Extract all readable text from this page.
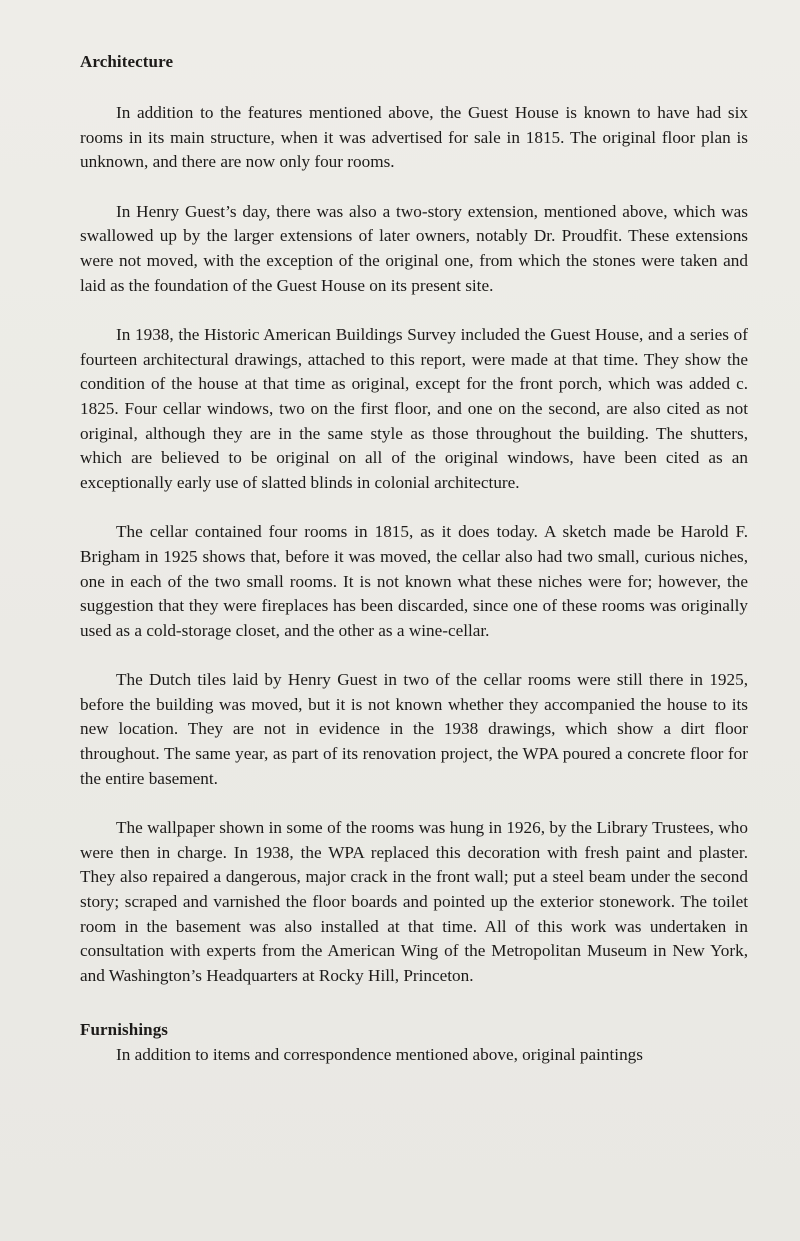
Architecture

In addition to the features mentioned above, the Guest House is known to have had six rooms in its main structure, when it was advertised for sale in 1815. The original floor plan is unknown, and there are now only four rooms.

In Henry Guest’s day, there was also a two-story extension, mentioned above, which was swallowed up by the larger extensions of later owners, notably Dr. Proudfit. These extensions were not moved, with the exception of the original one, from which the stones were taken and laid as the foundation of the Guest House on its present site.

In 1938, the Historic American Buildings Survey included the Guest House, and a series of fourteen architectural drawings, attached to this report, were made at that time. They show the condition of the house at that time as original, except for the front porch, which was added c. 1825. Four cellar windows, two on the first floor, and one on the second, are also cited as not original, although they are in the same style as those throughout the building. The shutters, which are believed to be original on all of the original windows, have been cited as an exceptionally early use of slatted blinds in colonial architecture.

The cellar contained four rooms in 1815, as it does today. A sketch made be Harold F. Brigham in 1925 shows that, before it was moved, the cellar also had two small, curious niches, one in each of the two small rooms. It is not known what these niches were for; however, the suggestion that they were fireplaces has been discarded, since one of these rooms was originally used as a cold-storage closet, and the other as a wine-cellar.

The Dutch tiles laid by Henry Guest in two of the cellar rooms were still there in 1925, before the building was moved, but it is not known whether they accompanied the house to its new location. They are not in evidence in the 1938 drawings, which show a dirt floor throughout. The same year, as part of its renovation project, the WPA poured a concrete floor for the entire basement.

The wallpaper shown in some of the rooms was hung in 1926, by the Library Trustees, who were then in charge. In 1938, the WPA replaced this decoration with fresh paint and plaster. They also repaired a dangerous, major crack in the front wall; put a steel beam under the second story; scraped and varnished the floor boards and pointed up the exterior stonework. The toilet room in the basement was also installed at that time. All of this work was undertaken in consultation with experts from the American Wing of the Metropolitan Museum in New York, and Washington’s Headquarters at Rocky Hill, Princeton.

Furnishings

In addition to items and correspondence mentioned above, original paintings
